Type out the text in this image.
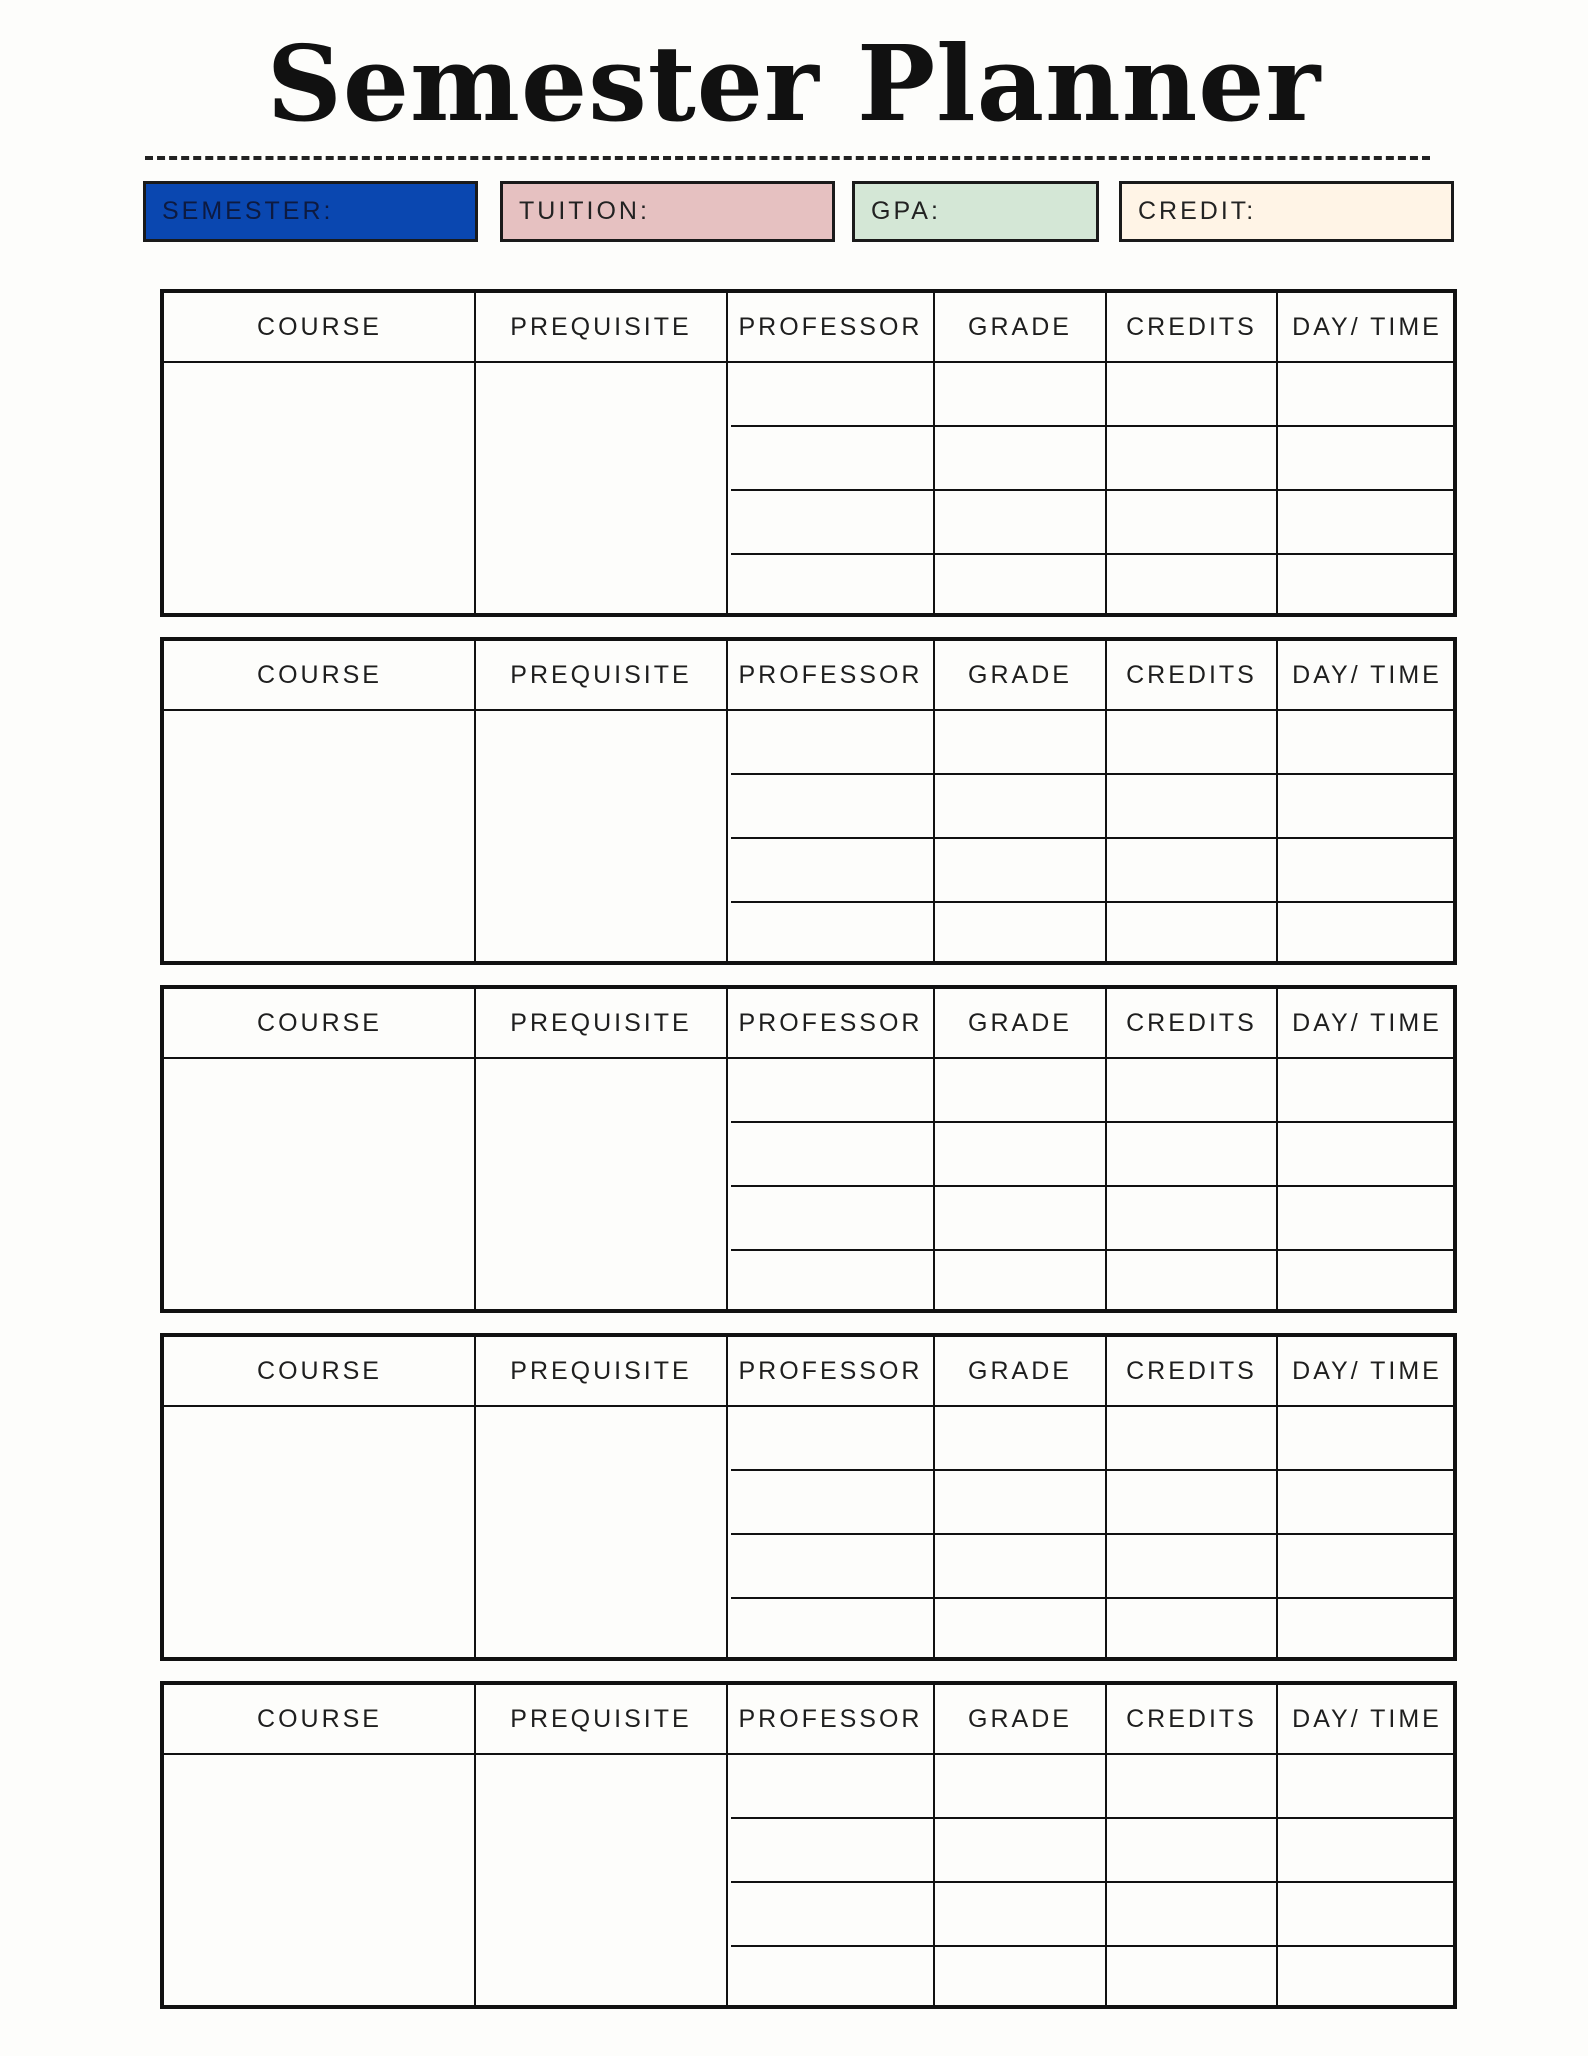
Semester Planner
SEMESTER:	TUITION:	GPA:	CREDIT:
COURSE	PREQUISITE	PROFESSOR	GRADE	CREDITS	DAY/ TIME
COURSE	PREQUISITE	PROFESSOR	GRADE	CREDITS	DAY/ TIME
COURSE	PREQUISITE	PROFESSOR	GRADE	CREDITS	DAY/ TIME
COURSE	PREQUISITE	PROFESSOR	GRADE	CREDITS	DAY/ TIME
COURSE	PREQUISITE	PROFESSOR	GRADE	CREDITS	DAY/ TIME
